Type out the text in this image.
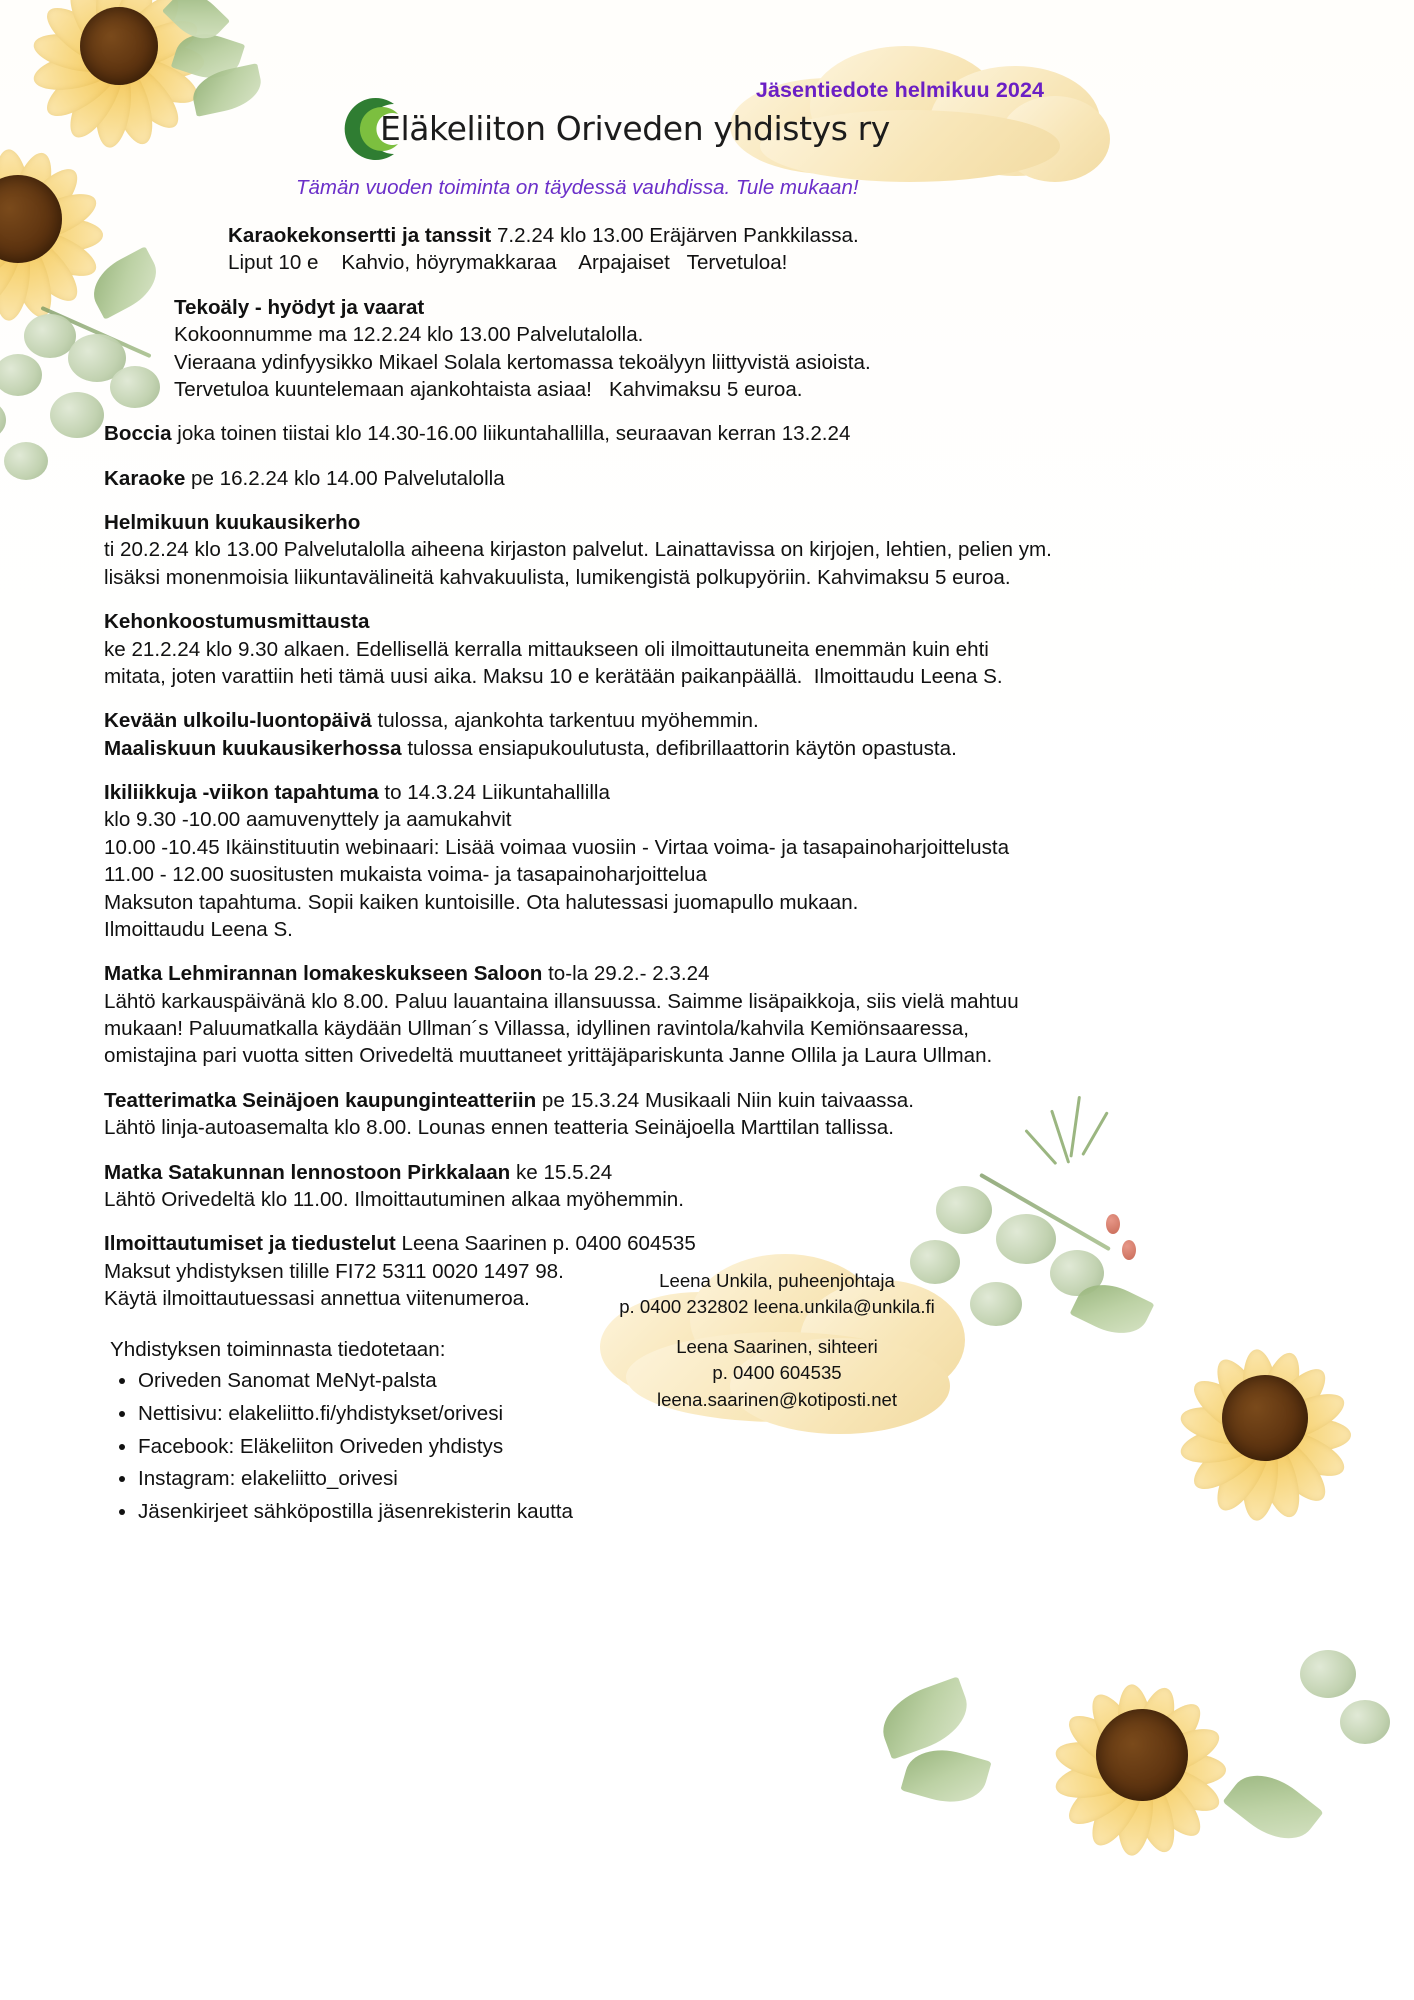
Jäsentiedote helmikuu 2024
Eläkeliiton Oriveden yhdistys ry
Tämän vuoden toiminta on täydessä vauhdissa. Tule mukaan!
Karaokekonsertti ja tanssit 7.2.24 klo 13.00 Eräjärven Pankkilassa.
Liput 10 e    Kahvio, höyrymakkaraa    Arpajaiset   Tervetuloa!
Tekoäly - hyödyt ja vaarat
Kokoonnumme ma 12.2.24 klo 13.00 Palvelutalolla.
Vieraana ydinfyysikko Mikael Solala kertomassa tekoälyyn liittyvistä asioista.
Tervetuloa kuuntelemaan ajankohtaista asiaa!   Kahvimaksu 5 euroa.
Boccia joka toinen tiistai klo 14.30-16.00 liikuntahallilla, seuraavan kerran 13.2.24
Karaoke pe 16.2.24 klo 14.00 Palvelutalolla
Helmikuun kuukausikerho
ti 20.2.24 klo 13.00 Palvelutalolla aiheena kirjaston palvelut. Lainattavissa on kirjojen, lehtien, pelien ym.
lisäksi monenmoisia liikuntavälineitä kahvakuulista, lumikengistä polkupyöriin. Kahvimaksu 5 euroa.
Kehonkoostumusmittausta
ke 21.2.24 klo 9.30 alkaen. Edellisellä kerralla mittaukseen oli ilmoittautuneita enemmän kuin ehti
mitata, joten varattiin heti tämä uusi aika. Maksu 10 e kerätään paikanpäällä.  Ilmoittaudu Leena S.
Kevään ulkoilu-luontopäivä tulossa, ajankohta tarkentuu myöhemmin.
Maaliskuun kuukausikerhossa tulossa ensiapukoulutusta, defibrillaattorin käytön opastusta.
Ikiliikkuja -viikon tapahtuma to 14.3.24 Liikuntahallilla
klo 9.30 -10.00 aamuvenyttely ja aamukahvit
10.00 -10.45 Ikäinstituutin webinaari: Lisää voimaa vuosiin - Virtaa voima- ja tasapainoharjoittelusta
11.00 - 12.00 suositusten mukaista voima- ja tasapainoharjoittelua
Maksuton tapahtuma. Sopii kaiken kuntoisille. Ota halutessasi juomapullo mukaan.
Ilmoittaudu Leena S.
Matka Lehmirannan lomakeskukseen Saloon to-la 29.2.- 2.3.24
Lähtö karkauspäivänä klo 8.00. Paluu lauantaina illansuussa. Saimme lisäpaikkoja, siis vielä mahtuu
mukaan! Paluumatkalla käydään Ullman´s Villassa, idyllinen ravintola/kahvila Kemiönsaaressa,
omistajina pari vuotta sitten Orivedeltä muuttaneet yrittäjäpariskunta Janne Ollila ja Laura Ullman.
Teatterimatka Seinäjoen kaupunginteatteriin pe 15.3.24 Musikaali Niin kuin taivaassa.
Lähtö linja-autoasemalta klo 8.00. Lounas ennen teatteria Seinäjoella Marttilan tallissa.
Matka Satakunnan lennostoon Pirkkalaan ke 15.5.24
Lähtö Orivedeltä klo 11.00. Ilmoittautuminen alkaa myöhemmin.
Ilmoittautumiset ja tiedustelut Leena Saarinen p. 0400 604535
Maksut yhdistyksen tilille FI72 5311 0020 1497 98.
Käytä ilmoittautuessasi annettua viitenumeroa.
Leena Unkila, puheenjohtaja
p. 0400 232802 leena.unkila@unkila.fi
Leena Saarinen, sihteeri
p. 0400 604535
leena.saarinen@kotiposti.net
Yhdistyksen toiminnasta tiedotetaan:
• Oriveden Sanomat MeNyt-palsta
• Nettisivu: elakeliitto.fi/yhdistykset/orivesi
• Facebook: Eläkeliiton Oriveden yhdistys
• Instagram: elakeliitto_orivesi
• Jäsenkirjeet sähköpostilla jäsenrekisterin kautta
